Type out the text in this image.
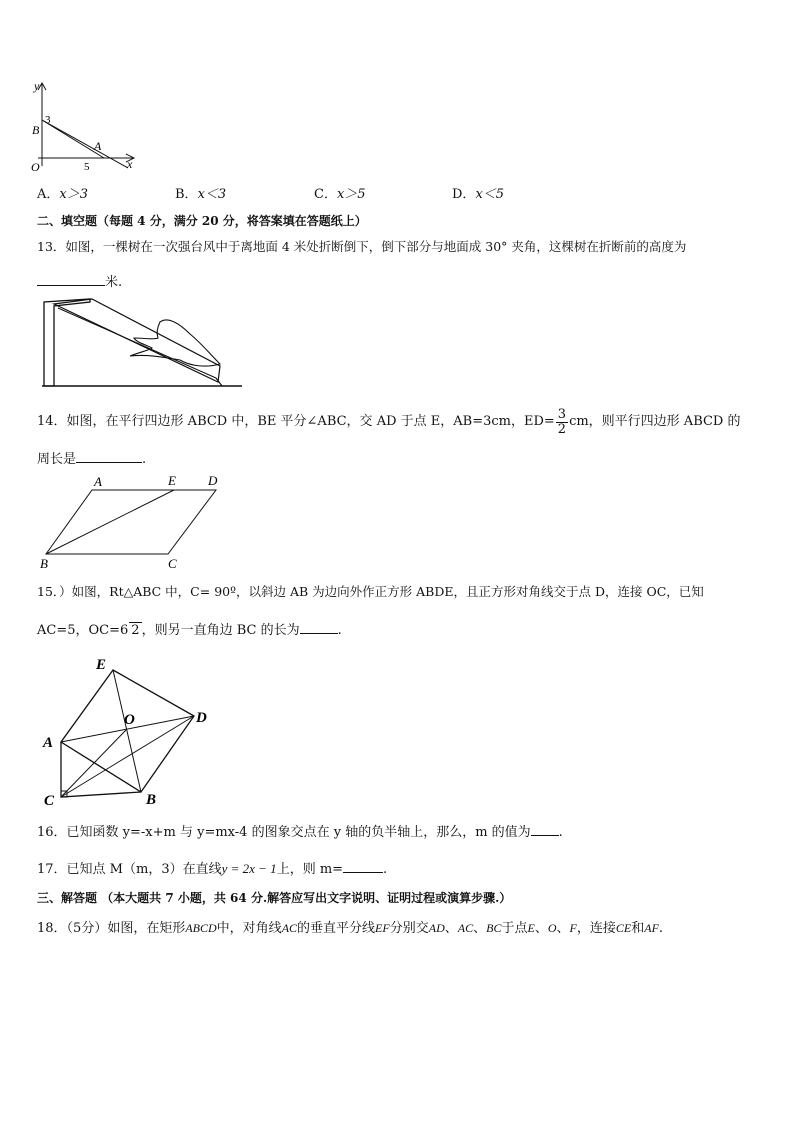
y
x
O
B
A
3
5
A．x＞3	B．x＜3	C．x＞5	D．x＜5
二、填空题（每题 4 分，满分 20 分，将答案填在答题纸上）
13．如图，一棵树在一次强台风中于离地面 4 米处折断倒下，倒下部分与地面成 30° 夹角，这棵树在折断前的高度为
米.
14．如图，在平行四边形 ABCD 中，BE 平分∠ABC，交 AD 于点 E，AB=3cm，$ED= \frac{3}{2}$ cm，则平行四边形 ABCD 的
周长是	.
A	E D
B	C
15．）如图，Rt△ABC 中，C= 90º，以斜边 AB 为边向外作正方形 ABDE，且正方形对角线交于点 D，连接 OC，已知
AC=5，OC=6 2 ，则另一直角边 BC 的长为	.
E
O	D
A
C	B
16．已知函数 y=-x+m 与 y=mx-4 的图象交点在 y 轴的负半轴上，那么，m 的值为 .
17．已知点 M（m，3）在直线y = 2x − 1上，则 m=	.
三、解答题 （本大题共 7 小题，共 64 分.解答应写出文字说明、证明过程或演算步骤.）
18．（5分）如图，在矩形ABCD中，对角线AC的垂直平分线EF分别交AD、AC、BC于点E、O、F，连接CE和AF.
